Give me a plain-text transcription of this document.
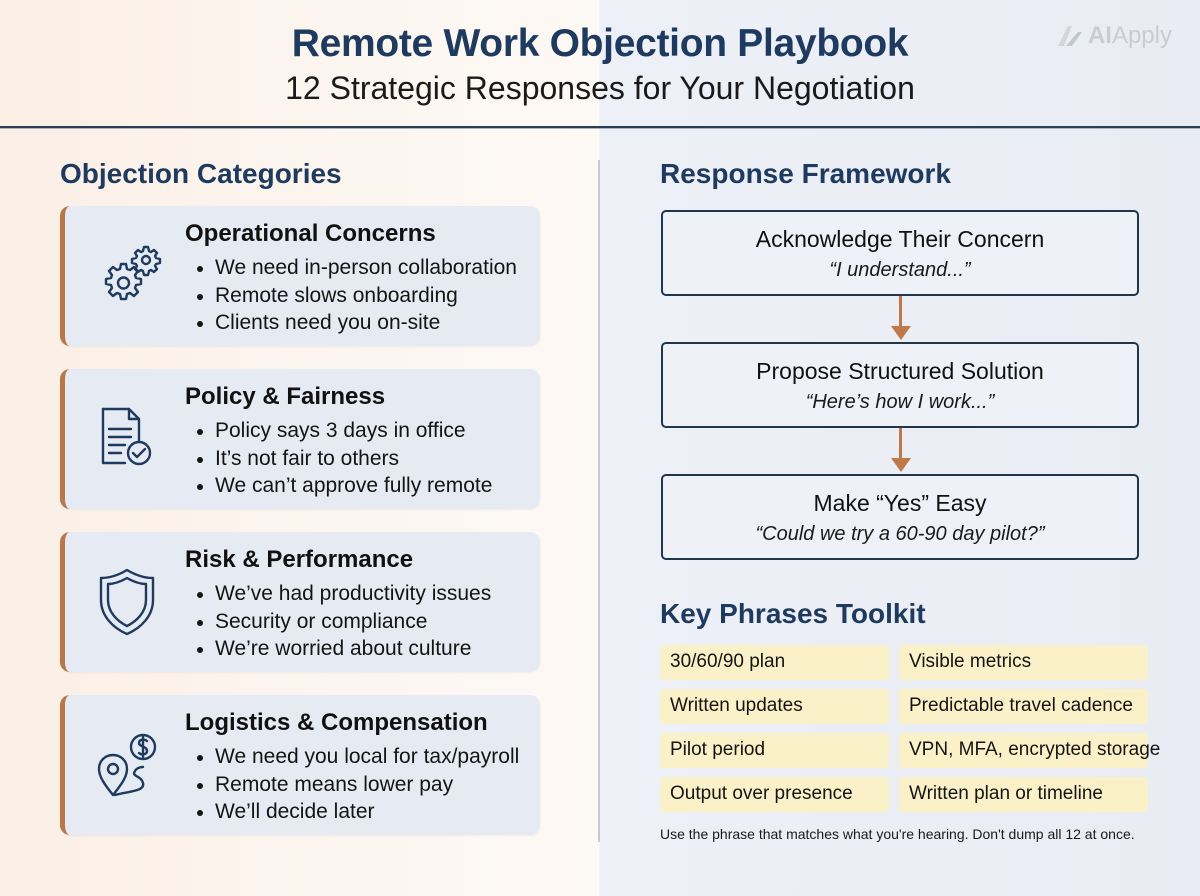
Remote Work Objection Playbook
12 Strategic Responses for Your Negotiation
AI Apply
Objection Categories
Operational Concerns
We need in-person collaboration
Remote slows onboarding
Clients need you on-site
Policy & Fairness
Policy says 3 days in office
It’s not fair to others
We can’t approve fully remote
Risk & Performance
We’ve had productivity issues
Security or compliance
We’re worried about culture
Logistics & Compensation
We need you local for tax/payroll
Remote means lower pay
We’ll decide later
Response Framework
Acknowledge Their Concern
“I understand...”
Propose Structured Solution
“Here’s how I work...”
Make “Yes” Easy
“Could we try a 60-90 day pilot?”
Key Phrases Toolkit
30/60/90 plan	Visible metrics
Written updates	Predictable travel cadence
Pilot period	VPN, MFA, encrypted storage
Output over presence	Written plan or timeline
Use the phrase that matches what you're hearing. Don't dump all 12 at once.
